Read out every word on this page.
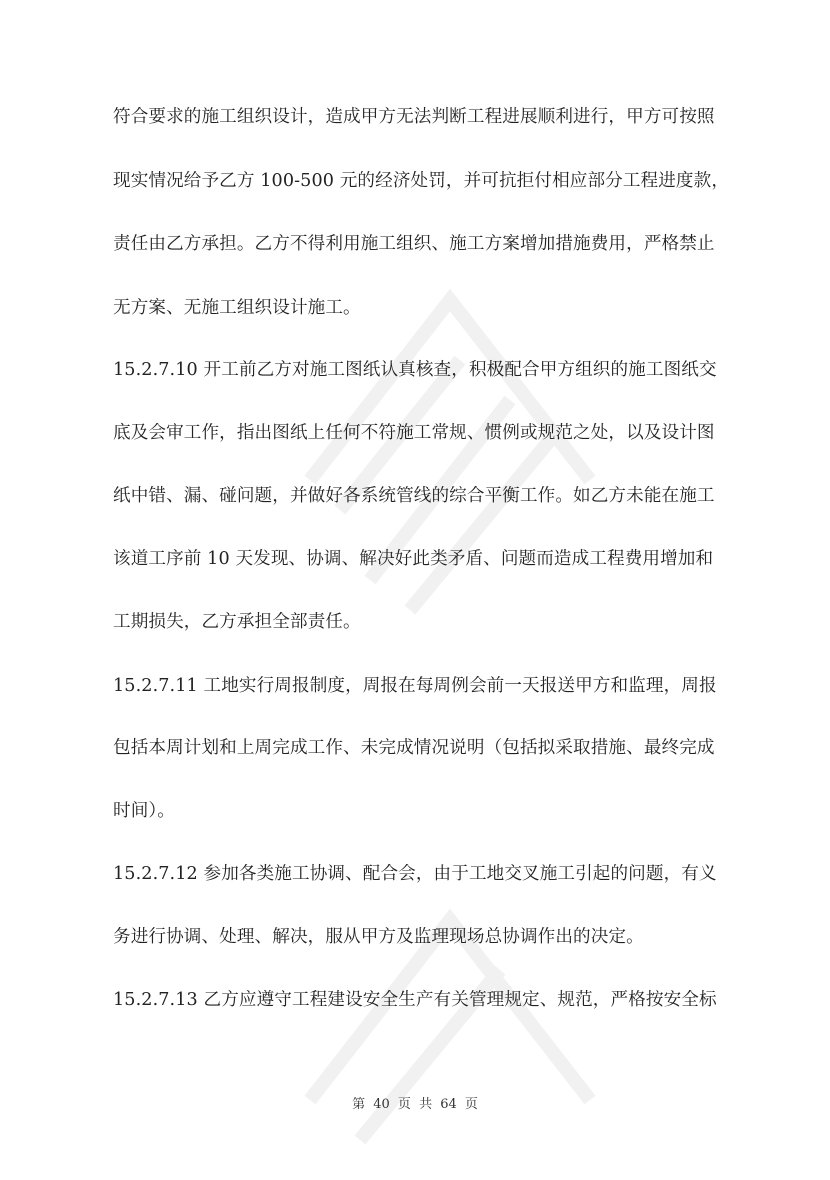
符合要求的施工组织设计，造成甲方无法判断工程进展顺利进行，甲方可按照
现实情况给予乙方 100-500 元的经济处罚，并可抗拒付相应部分工程进度款，
责任由乙方承担。乙方不得利用施工组织、施工方案增加措施费用，严格禁止
无方案、无施工组织设计施工。
15.2.7.10 开工前乙方对施工图纸认真核查，积极配合甲方组织的施工图纸交
底及会审工作，指出图纸上任何不符施工常规、惯例或规范之处，以及设计图
纸中错、漏、碰问题，并做好各系统管线的综合平衡工作。如乙方未能在施工
该道工序前 10 天发现、协调、解决好此类矛盾、问题而造成工程费用增加和
工期损失，乙方承担全部责任。
15.2.7.11 工地实行周报制度，周报在每周例会前一天报送甲方和监理，周报
包括本周计划和上周完成工作、未完成情况说明（包括拟采取措施、最终完成
时间）。
15.2.7.12 参加各类施工协调、配合会，由于工地交叉施工引起的问题，有义
务进行协调、处理、解决，服从甲方及监理现场总协调作出的决定。
15.2.7.13 乙方应遵守工程建设安全生产有关管理规定、规范，严格按安全标
第 40 页 共 64 页
